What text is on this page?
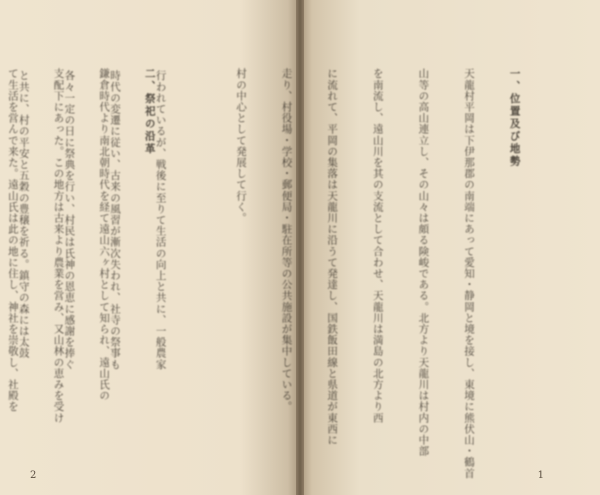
行われているが、戦後に至りて生活の向上と共に、一般農家

時代の変遷に従い、古来の風習が漸次失われ、社寺の祭事も

各々一定の日に祭典を行い、村民は氏神の恩恵に感謝を捧ぐ

と共に、村の平安と五穀の豊穣を祈る。鎮守の森には太鼓

2

一、位置及び地勢

天龍村平岡は下伊那郡の南端にあって愛知・静岡と境を接し、東境に熊伏山・鶴首

山等の高山連立し、その山々は頗る険峻である。北方より天龍川は村内の中部

を南流し、遠山川を其の支流として合わせ、天龍川は満島の北方より西

に流れて、平岡の集落は天龍川に沿うて発達し、国鉄飯田線と県道が東西に

走り、村役場・学校・郵便局・駐在所等の公共施設が集中している。

村の中心として発展して行く。

二、祭祀の沿革

鎌倉時代より南北朝時代を経て遠山六ヶ村として知られ、遠山氏の

支配下にあった。この地方は古来より農業を営み、又山林の恵みを受け

て生活を営んで来た。遠山氏は此の地に住し、神社を崇敬し、社殿を

1
